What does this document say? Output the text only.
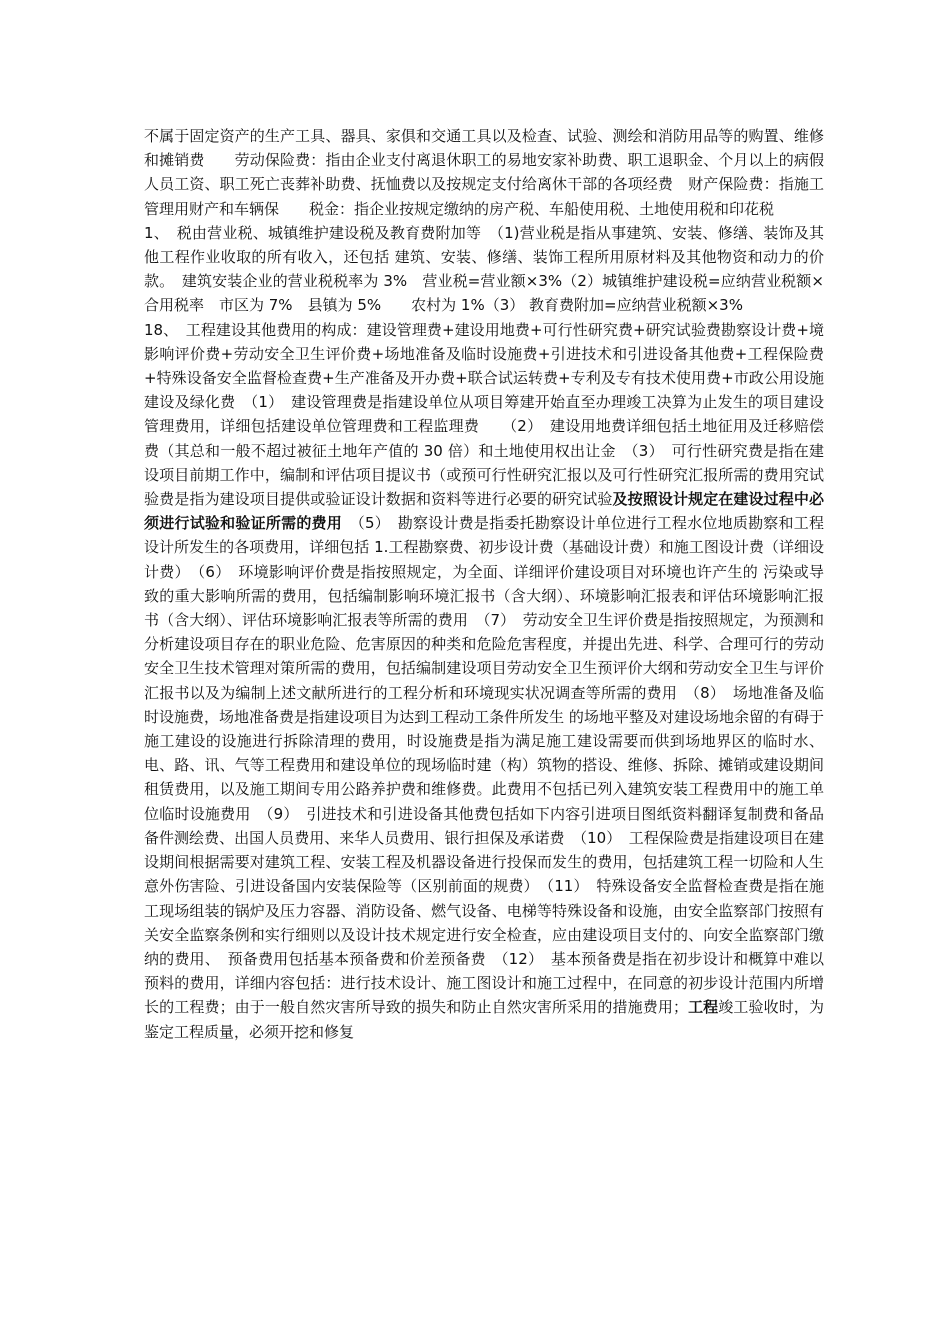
不属于固定资产的生产工具、器具、家俱和交通工具以及检查、试验、测绘和消防用品等的购置、维修和摊销费　　劳动保险费：指由企业支付离退休职工的易地安家补助费、职工退职金、个月以上的病假人员工资、职工死亡丧葬补助费、抚恤费以及按规定支付给离休干部的各项经费　财产保险费：指施工管理用财产和车辆保　　税金：指企业按规定缴纳的房产税、车船使用税、土地使用税和印花税

1、　税由营业税、城镇维护建设税及教育费附加等　（1)营业税是指从事建筑、安装、修缮、装饰及其他工程作业收取的所有收入，还包括 建筑、安装、修缮、装饰工程所用原材料及其他物资和动力的价款。　建筑安装企业的营业税税率为 3%　营业税=营业额×3%（2）城镇维护建设税=应纳营业税额×合用税率　市区为 7%　县镇为 5%　　农村为 1%（3） 教育费附加=应纳营业税额×3%

18、　工程建设其他费用的构成：建设管理费+建设用地费+可行性研究费+研究试验费勘察设计费+境影响评价费+劳动安全卫生评价费+场地准备及临时设施费+引进技术和引进设备其他费+工程保险费+特殊设备安全监督检查费+生产准备及开办费+联合试运转费+专利及专有技术使用费+市政公用设施建设及绿化费　（1）　建设管理费是指建设单位从项目筹建开始直至办理竣工决算为止发生的项目建设管理费用，详细包括建设单位管理费和工程监理费　　（2）　建设用地费详细包括土地征用及迁移赔偿费（其总和一般不超过被征土地年产值的 30 倍）和土地使用权出让金　（3）　可行性研究费是指在建设项目前期工作中，编制和评估项目提议书（或预可行性研究汇报以及可行性研究汇报所需的费用究试验费是指为建设项目提供或验证设计数据和资料等进行必要的研究试验及按照设计规定在建设过程中必须进行试验和验证所需的费用　（5）　勘察设计费是指委托勘察设计单位进行工程水位地质勘察和工程设计所发生的各项费用，详细包括 1.工程勘察费、初步设计费（基础设计费）和施工图设计费（详细设计费）　（6）　环境影响评价费是指按照规定，为全面、详细评价建设项目对环境也许产生的 污染或导致的重大影响所需的费用，包括编制影响环境汇报书（含大纲）、环境影响汇报表和评估环境影响汇报书（含大纲）、评估环境影响汇报表等所需的费用　（7）　劳动安全卫生评价费是指按照规定，为预测和分析建设项目存在的职业危险、危害原因的种类和危险危害程度，并提出先进、科学、合理可行的劳动安全卫生技术管理对策所需的费用，包括编制建设项目劳动安全卫生预评价大纲和劳动安全卫生与评价汇报书以及为编制上述文献所进行的工程分析和环境现实状况调查等所需的费用　（8）　场地准备及临时设施费，场地准备费是指建设项目为达到工程动工条件所发生 的场地平整及对建设场地余留的有碍于施工建设的设施进行拆除清理的费用，时设施费是指为满足施工建设需要而供到场地界区的临时水、电、路、讯、气等工程费用和建设单位的现场临时建（构）筑物的搭设、维修、拆除、摊销或建设期间租赁费用，以及施工期间专用公路养护费和维修费。此费用不包括已列入建筑安装工程费用中的施工单位临时设施费用　（9）　引进技术和引进设备其他费包括如下内容引进项目图纸资料翻译复制费和备品备件测绘费、出国人员费用、来华人员费用、银行担保及承诺费　（10）　工程保险费是指建设项目在建设期间根据需要对建筑工程、安装工程及机器设备进行投保而发生的费用，包括建筑工程一切险和人生意外伤害险、引进设备国内安装保险等（区别前面的规费）　（11）　特殊设备安全监督检查费是指在施工现场组装的锅炉及压力容器、消防设备、燃气设备、电梯等特殊设备和设施，由安全监察部门按照有关安全监察条例和实行细则以及设计技术规定进行安全检查，应由建设项目支付的、向安全监察部门缴纳的费用、　预备费用包括基本预备费和价差预备费　（12）　基本预备费是指在初步设计和概算中难以预料的费用，详细内容包括：进行技术设计、施工图设计和施工过程中，在同意的初步设计范围内所增长的工程费；由于一般自然灾害所导致的损失和防止自然灾害所采用的措施费用；工程竣工验收时，为鉴定工程质量，必须开挖和修复
